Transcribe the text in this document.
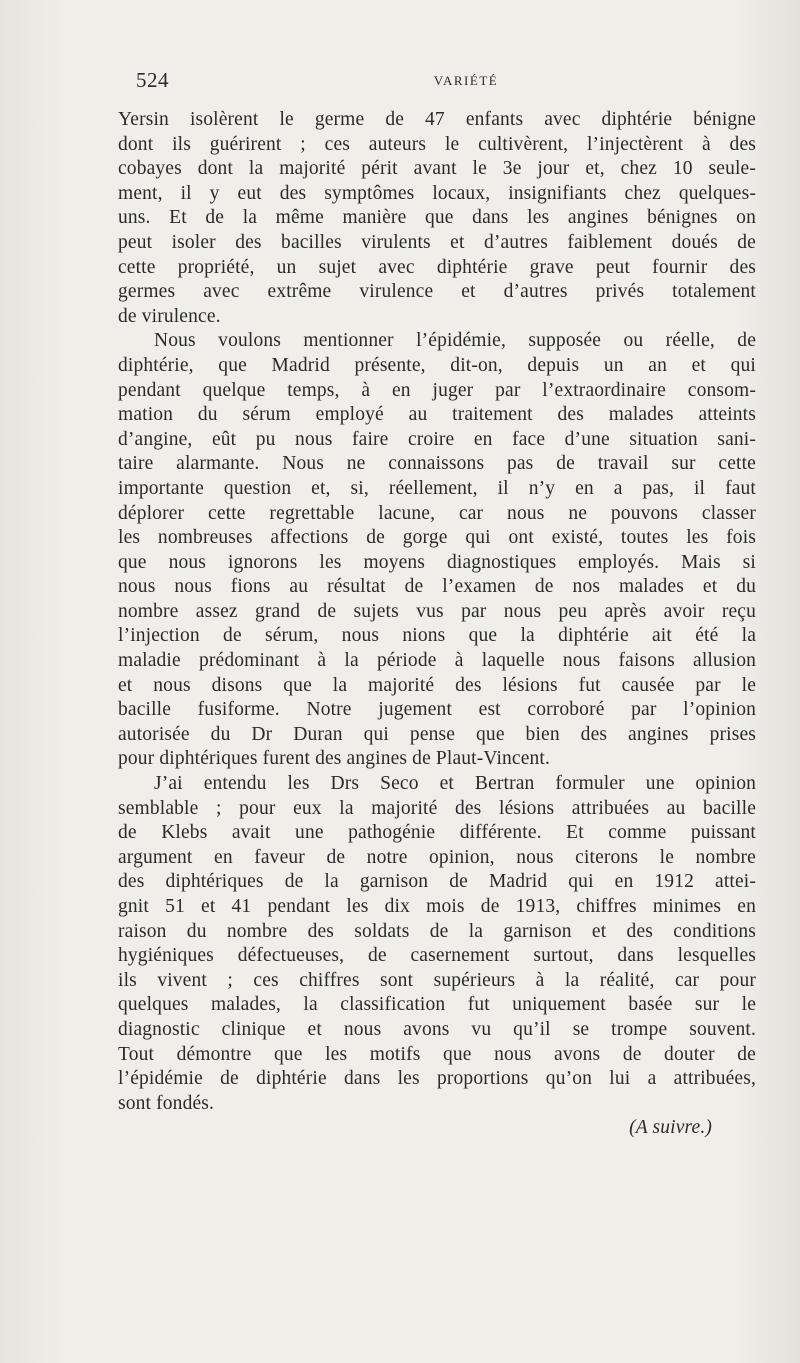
524	VARIÉTÉ
Yersin isolèrent le germe de 47 enfants avec diphtérie bénigne
dont ils guérirent ; ces auteurs le cultivèrent, l’injectèrent à des
cobayes dont la majorité périt avant le 3e jour et, chez 10 seule-
ment, il y eut des symptômes locaux, insignifiants chez quelques-
uns. Et de la même manière que dans les angines bénignes on
peut isoler des bacilles virulents et d’autres faiblement doués de
cette propriété, un sujet avec diphtérie grave peut fournir des
germes avec extrême virulence et d’autres privés totalement
de virulence.
Nous voulons mentionner l’épidémie, supposée ou réelle, de
diphtérie, que Madrid présente, dit-on, depuis un an et qui
pendant quelque temps, à en juger par l’extraordinaire consom-
mation du sérum employé au traitement des malades atteints
d’angine, eût pu nous faire croire en face d’une situation sani-
taire alarmante. Nous ne connaissons pas de travail sur cette
importante question et, si, réellement, il n’y en a pas, il faut
déplorer cette regrettable lacune, car nous ne pouvons classer
les nombreuses affections de gorge qui ont existé, toutes les fois
que nous ignorons les moyens diagnostiques employés. Mais si
nous nous fions au résultat de l’examen de nos malades et du
nombre assez grand de sujets vus par nous peu après avoir reçu
l’injection de sérum, nous nions que la diphtérie ait été la
maladie prédominant à la période à laquelle nous faisons allusion
et nous disons que la majorité des lésions fut causée par le
bacille fusiforme. Notre jugement est corroboré par l’opinion
autorisée du Dr Duran qui pense que bien des angines prises
pour diphtériques furent des angines de Plaut-Vincent.
J’ai entendu les Drs Seco et Bertran formuler une opinion
semblable ; pour eux la majorité des lésions attribuées au bacille
de Klebs avait une pathogénie différente. Et comme puissant
argument en faveur de notre opinion, nous citerons le nombre
des diphtériques de la garnison de Madrid qui en 1912 attei-
gnit 51 et 41 pendant les dix mois de 1913, chiffres minimes en
raison du nombre des soldats de la garnison et des conditions
hygiéniques défectueuses, de casernement surtout, dans lesquelles
ils vivent ; ces chiffres sont supérieurs à la réalité, car pour
quelques malades, la classification fut uniquement basée sur le
diagnostic clinique et nous avons vu qu’il se trompe souvent.
Tout démontre que les motifs que nous avons de douter de
l’épidémie de diphtérie dans les proportions qu’on lui a attribuées,
sont fondés.
(A suivre.)
